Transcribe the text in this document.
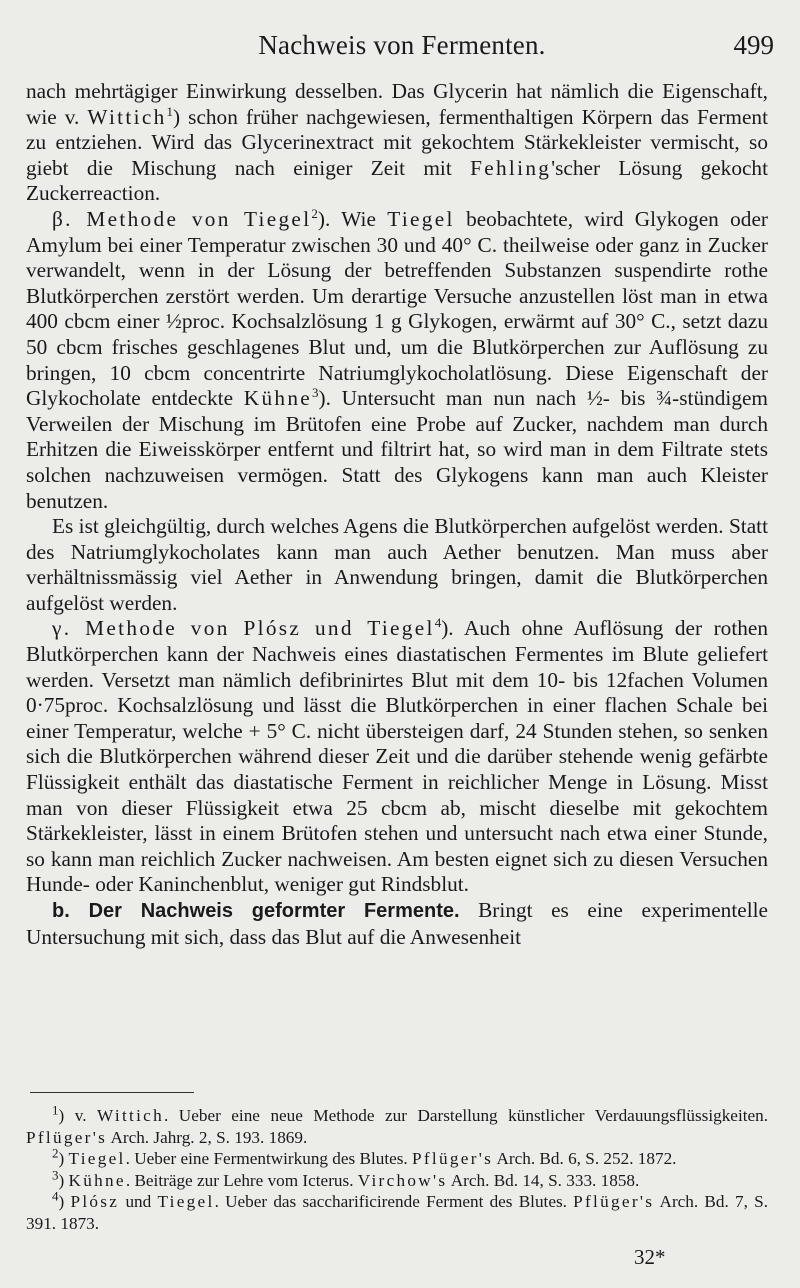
Nachweis von Fermenten.	499

nach mehrtägiger Einwirkung desselben. Das Glycerin hat nämlich die Eigenschaft, wie v. Wittich$^1$) schon früher nachgewiesen, fermenthaltigen Körpern das Ferment zu entziehen. Wird das Glycerinextract mit gekochtem Stärkekleister vermischt, so giebt die Mischung nach einiger Zeit mit Fehling'scher Lösung gekocht Zuckerreaction.

β. Methode von Tiegel$^2$). Wie Tiegel beobachtete, wird Glykogen oder Amylum bei einer Temperatur zwischen 30 und 40° C. theilweise oder ganz in Zucker verwandelt, wenn in der Lösung der betreffenden Substanzen suspendirte rothe Blutkörperchen zerstört werden. Um derartige Versuche anzustellen löst man in etwa 400 cbcm einer ½proc. Kochsalzlösung 1 g Glykogen, erwärmt auf 30° C., setzt dazu 50 cbcm frisches geschlagenes Blut und, um die Blutkörperchen zur Auflösung zu bringen, 10 cbcm concentrirte Natriumglykocholatlösung. Diese Eigenschaft der Glykocholate entdeckte Kühne$^3$). Untersucht man nun nach ½- bis ¾-stündigem Verweilen der Mischung im Brütofen eine Probe auf Zucker, nachdem man durch Erhitzen die Eiweisskörper entfernt und filtrirt hat, so wird man in dem Filtrate stets solchen nachzuweisen vermögen. Statt des Glykogens kann man auch Kleister benutzen.

Es ist gleichgültig, durch welches Agens die Blutkörperchen aufgelöst werden. Statt des Natriumglykocholates kann man auch Aether benutzen. Man muss aber verhältnissmässig viel Aether in Anwendung bringen, damit die Blutkörperchen aufgelöst werden.

γ. Methode von Plósz und Tiegel$^4$). Auch ohne Auflösung der rothen Blutkörperchen kann der Nachweis eines diastatischen Fermentes im Blute geliefert werden. Versetzt man nämlich defibrinirtes Blut mit dem 10- bis 12fachen Volumen 0·75proc. Kochsalzlösung und lässt die Blutkörperchen in einer flachen Schale bei einer Temperatur, welche + 5° C. nicht übersteigen darf, 24 Stunden stehen, so senken sich die Blutkörperchen während dieser Zeit und die darüber stehende wenig gefärbte Flüssigkeit enthält das diastatische Ferment in reichlicher Menge in Lösung. Misst man von dieser Flüssigkeit etwa 25 cbcm ab, mischt dieselbe mit gekochtem Stärkekleister, lässt in einem Brütofen stehen und untersucht nach etwa einer Stunde, so kann man reichlich Zucker nachweisen. Am besten eignet sich zu diesen Versuchen Hunde- oder Kaninchenblut, weniger gut Rindsblut.

b. Der Nachweis geformter Fermente. Bringt es eine experimentelle Untersuchung mit sich, dass das Blut auf die Anwesenheit

$^1$) v. Wittich. Ueber eine neue Methode zur Darstellung künstlicher Verdauungsflüssigkeiten. Pflüger's Arch. Jahrg. 2, S. 193. 1869.

$^2$) Tiegel. Ueber eine Fermentwirkung des Blutes. Pflüger's Arch. Bd. 6, S. 252. 1872.

$^3$) Kühne. Beiträge zur Lehre vom Icterus. Virchow's Arch. Bd. 14, S. 333. 1858.

$^4$) Plósz und Tiegel. Ueber das saccharificirende Ferment des Blutes. Pflüger's Arch. Bd. 7, S. 391. 1873.

32*
